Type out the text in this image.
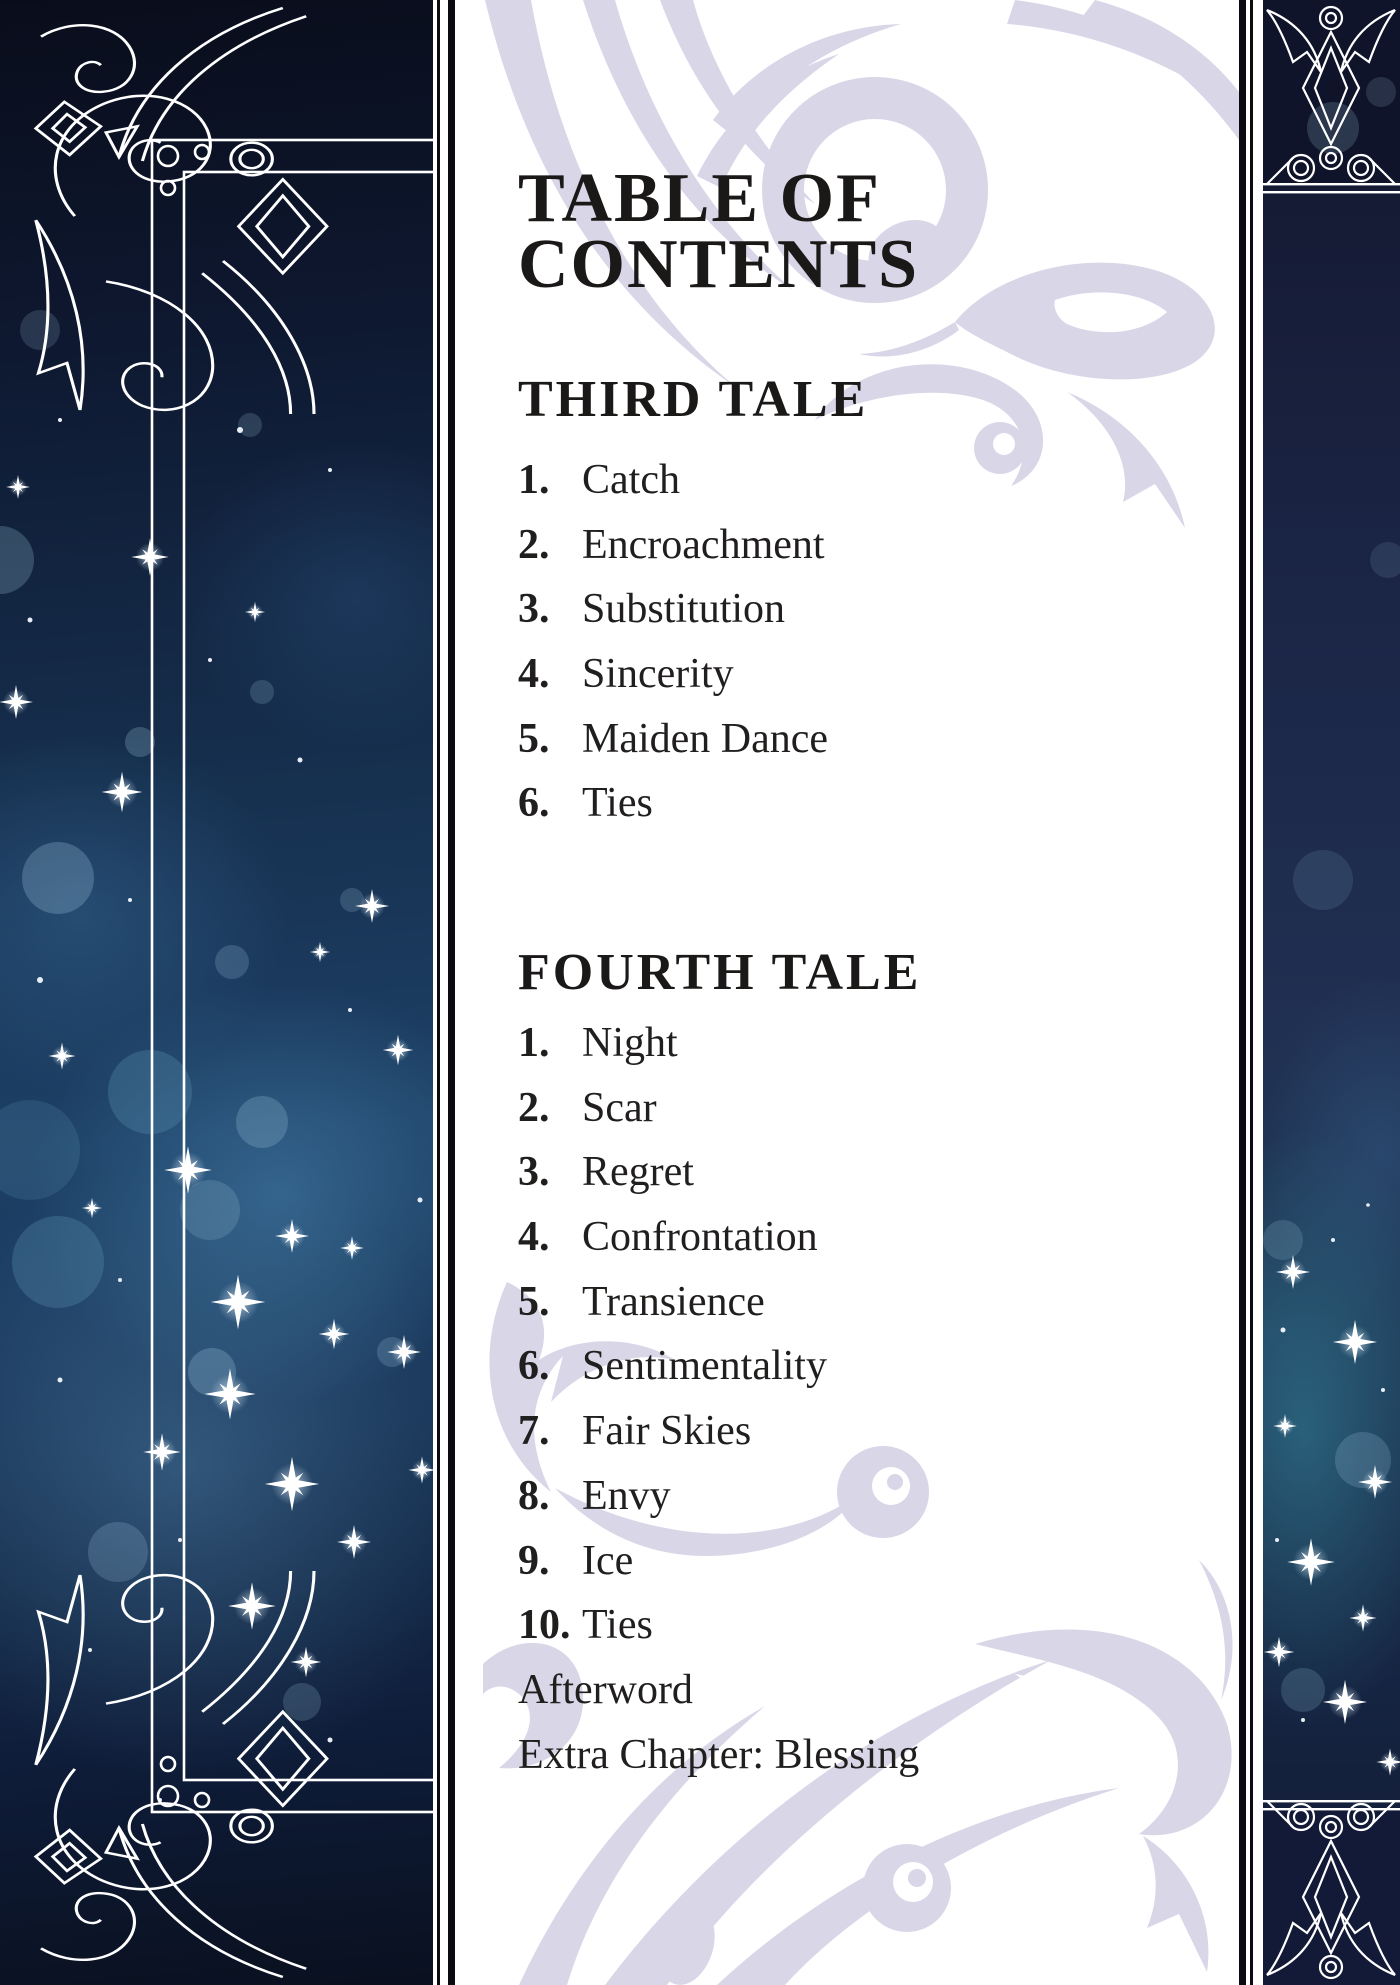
TABLE OF
CONTENTS
THIRD TALE
1. Catch
2. Encroachment
3. Substitution
4. Sincerity
5. Maiden Dance
6. Ties
FOURTH TALE
1. Night
2. Scar
3. Regret
4. Confrontation
5. Transience
6. Sentimentality
7. Fair Skies
8. Envy
9. Ice
10. Ties
Afterword
Extra Chapter: Blessing
